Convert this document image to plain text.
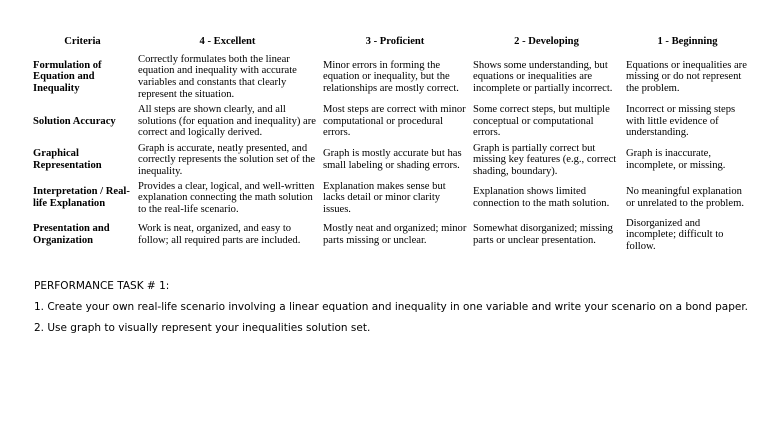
Criteria	4 - Excellent	3 - Proficient	2 - Developing	1 - Beginning
Formulation of Equation and Inequality	Correctly formulates both the linear equation and inequality with accurate variables and constants that clearly represent the situation.	Minor errors in forming the equation or inequality, but the relationships are mostly correct.	Shows some understanding, but equations or inequalities are incomplete or partially incorrect.	Equations or inequalities are missing or do not represent the problem.
Solution Accuracy	All steps are shown clearly, and all solutions (for equation and inequality) are correct and logically derived.	Most steps are correct with minor computational or procedural errors.	Some correct steps, but multiple conceptual or computational errors.	Incorrect or missing steps with little evidence of understanding.
Graphical Representation	Graph is accurate, neatly presented, and correctly represents the solution set of the inequality.	Graph is mostly accurate but has small labeling or shading errors.	Graph is partially correct but missing key features (e.g., correct shading, boundary).	Graph is inaccurate, incomplete, or missing.
Interpretation / Real-life Explanation	Provides a clear, logical, and well-written explanation connecting the math solution to the real-life scenario.	Explanation makes sense but lacks detail or minor clarity issues.	Explanation shows limited connection to the math solution.	No meaningful explanation or unrelated to the problem.
Presentation and Organization	Work is neat, organized, and easy to follow; all required parts are included.	Mostly neat and organized; minor parts missing or unclear.	Somewhat disorganized; missing parts or unclear presentation.	Disorganized and incomplete; difficult to follow.
PERFORMANCE TASK # 1:
1. Create your own real-life scenario involving a linear equation and inequality in one variable and write your scenario on a bond paper.
2. Use graph to visually represent your inequalities solution set.
